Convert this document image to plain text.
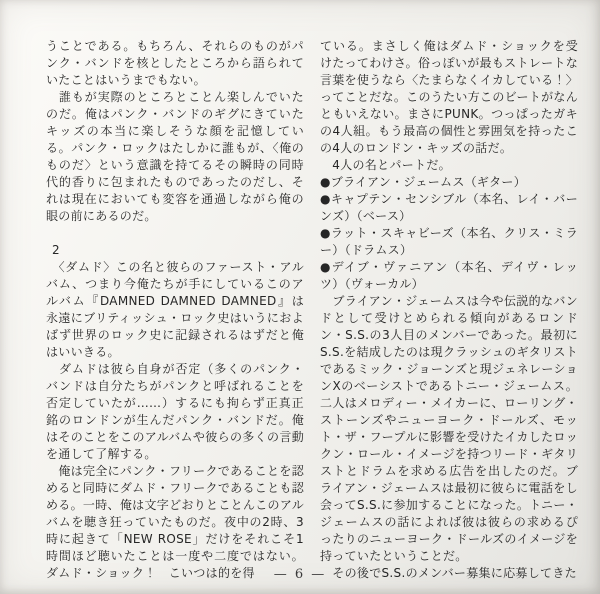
うことである。もちろん、それらのものがパンク・バンドを核としたところから語られていたことはいうまでもない。

　誰もが実際のところとことん楽しんでいたのだ。俺はパンク・バンドのギグにきていたキッズの本当に楽しそうな顔を記憶している。パンク・ロックはたしかに誰もが、〈俺のものだ〉という意識を持てるその瞬時の同時代的香りに包まれたものであったのだし、それは現在においても変容を通過しながら俺の眼の前にあるのだ。

2

　〈ダムド〉この名と彼らのファースト・アルバム、つまり今俺たちが手にしているこのアルバム『DAMNED DAMNED DAMNED』は永遠にブリティッシュ・ロック史はいうにおよばず世界のロック史に記録されるはずだと俺はいいきる。

　ダムドは彼ら自身が否定（多くのパンク・バンドは自分たちがパンクと呼ばれることを否定していたが……）するにも拘らず正真正銘のロンドンが生んだパンク・バンドだ。俺はそのことをこのアルバムや彼らの多くの言動を通して了解する。

　俺は完全にパンク・フリークであることを認めると同時にダムド・フリークであることも認める。一時、俺は文字どおりとことんこのアルバムを聴き狂っていたものだ。夜中の2時、3時に起きて「NEW ROSE」だけをそれこそ1時間ほど聴いたことは一度や二度ではない。ダムド・ショック！　こいつは的を得

ている。まさしく俺はダムド・ショックを受けたってわけさ。俗っぽいが最もストレートな言葉を使うなら〈たまらなくイカしている！〉ってことだな。このうたい方このビートがなんともいえない。まさにPUNK。つっぱったガキの4人組。もう最高の個性と雰囲気を持ったこの4人のロンドン・キッズの話だ。

　4人の名とパートだ。

●ブライアン・ジェームス（ギター）

●キャプテン・センシブル（本名、レイ・バーンズ）（ベース）

●ラット・スキャビーズ（本名、クリス・ミラー）（ドラムス）

●デイブ・ヴァニアン（本名、デイヴ・レッツ）（ヴォーカル）

　ブライアン・ジェームスは今や伝説的なバンドとして受けとめられる傾向があるロンドン・S.S.の3人目のメンバーであった。最初にS.S.を結成したのは現クラッシュのギタリストであるミック・ジョーンズと現ジェネレーションXのベーシストであるトニー・ジェームス。二人はメロディー・メイカーに、ローリング・ストーンズやニューヨーク・ドールズ、モット・ザ・フープルに影響を受けたイカしたロックン・ロール・イメージを持つリード・ギタリストとドラムを求める広告を出したのだ。ブライアン・ジェームスは最初に彼らに電話をし会ってS.S.に参加することになった。トニー・ジェームスの話によれば彼は彼らの求めるぴったりのニューヨーク・ドールズのイメージを持っていたということだ。

　その後でS.S.のメンバー募集に応募してきた

— 6 —
